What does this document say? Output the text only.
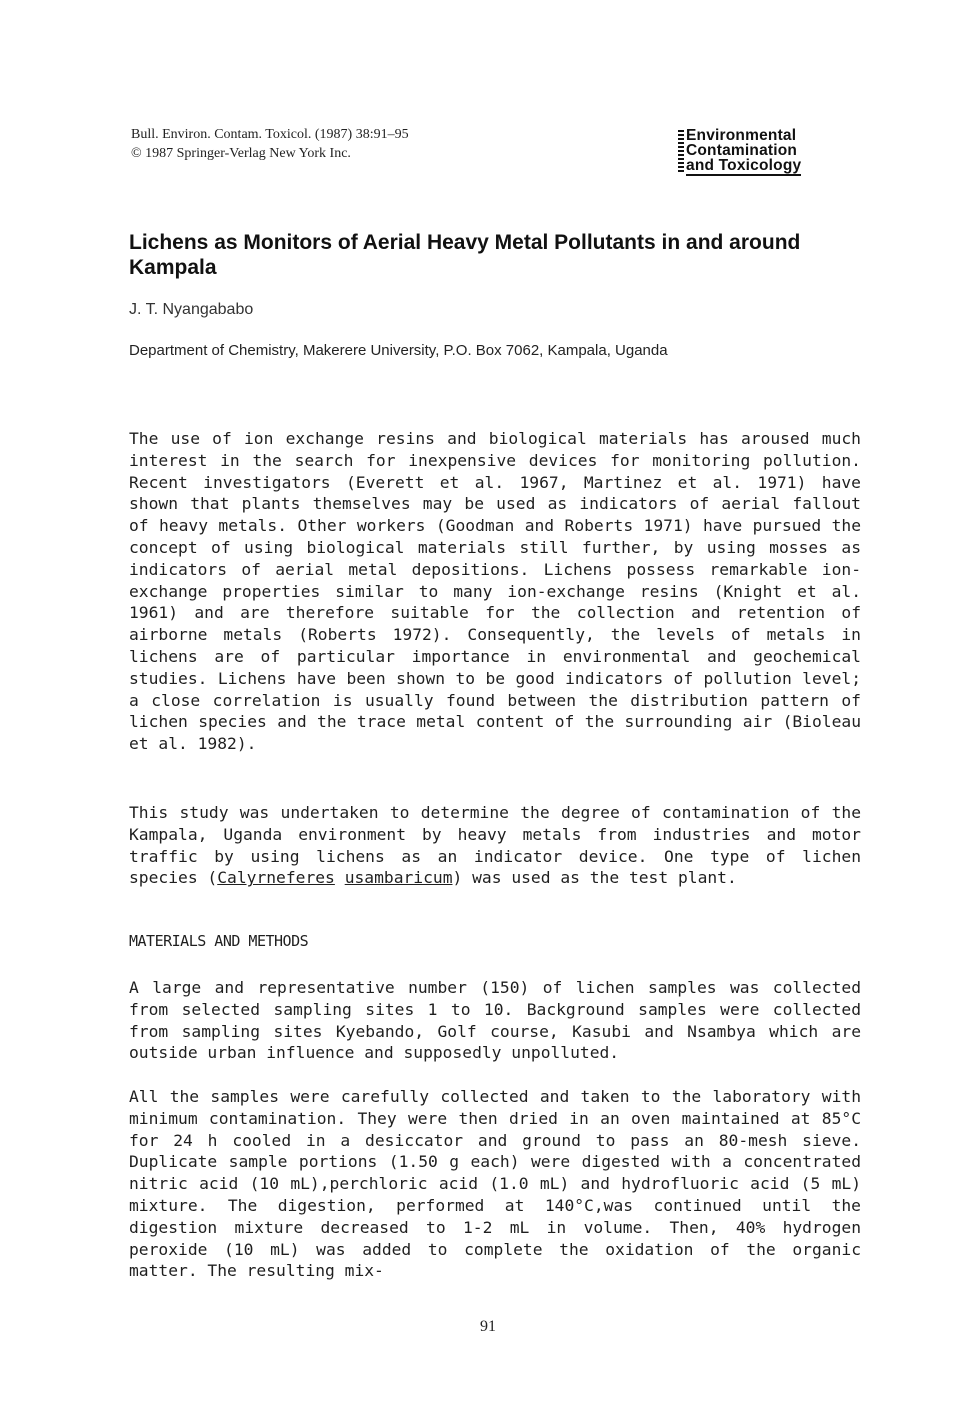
Bull. Environ. Contam. Toxicol. (1987) 38:91–95
© 1987 Springer-Verlag New York Inc.
Environmental
Contamination
and Toxicology
Lichens as Monitors of Aerial Heavy Metal Pollutants in and around Kampala
J. T. Nyangababo
Department of Chemistry, Makerere University, P.O. Box 7062, Kampala, Uganda

The use of ion exchange resins and biological materials has aroused much interest in the search for inexpensive devices for monitoring pollution. Recent investigators (Everett et al. 1967, Martinez et al. 1971) have shown that plants themselves may be used as indicators of aerial fallout of heavy metals. Other workers (Goodman and Roberts 1971) have pursued the concept of using biological materials still further, by using mosses as indicators of aerial metal depositions. Lichens possess remarkable ion-exchange properties similar to many ion-exchange resins (Knight et al. 1961) and are therefore suitable for the collection and retention of airborne metals (Roberts 1972). Consequently, the levels of metals in lichens are of particular importance in environmental and geochemical studies. Lichens have been shown to be good indicators of pollution level; a close correlation is usually found between the distribution pattern of lichen species and the trace metal content of the surrounding air (Bioleau et al. 1982).

This study was undertaken to determine the degree of contamination of the Kampala, Uganda environment by heavy metals from industries and motor traffic by using lichens as an indicator device. One type of lichen species (Calyrneferes usambaricum) was used as the test plant.

MATERIALS AND METHODS

A large and representative number (150) of lichen samples was collected from selected sampling sites 1 to 10. Background samples were collected from sampling sites Kyebando, Golf course, Kasubi and Nsambya which are outside urban influence and supposedly unpolluted.

All the samples were carefully collected and taken to the laboratory with minimum contamination. They were then dried in an oven maintained at 85°C for 24 h cooled in a desiccator and ground to pass an 80-mesh sieve. Duplicate sample portions (1.50 g each) were digested with a concentrated nitric acid (10 mL),perchloric acid (1.0 mL) and hydrofluoric acid (5 mL) mixture. The digestion, performed at 140°C,was continued until the digestion mixture decreased to 1-2 mL in volume. Then, 40% hydrogen peroxide (10 mL) was added to complete the oxidation of the organic matter. The resulting mix-

91
